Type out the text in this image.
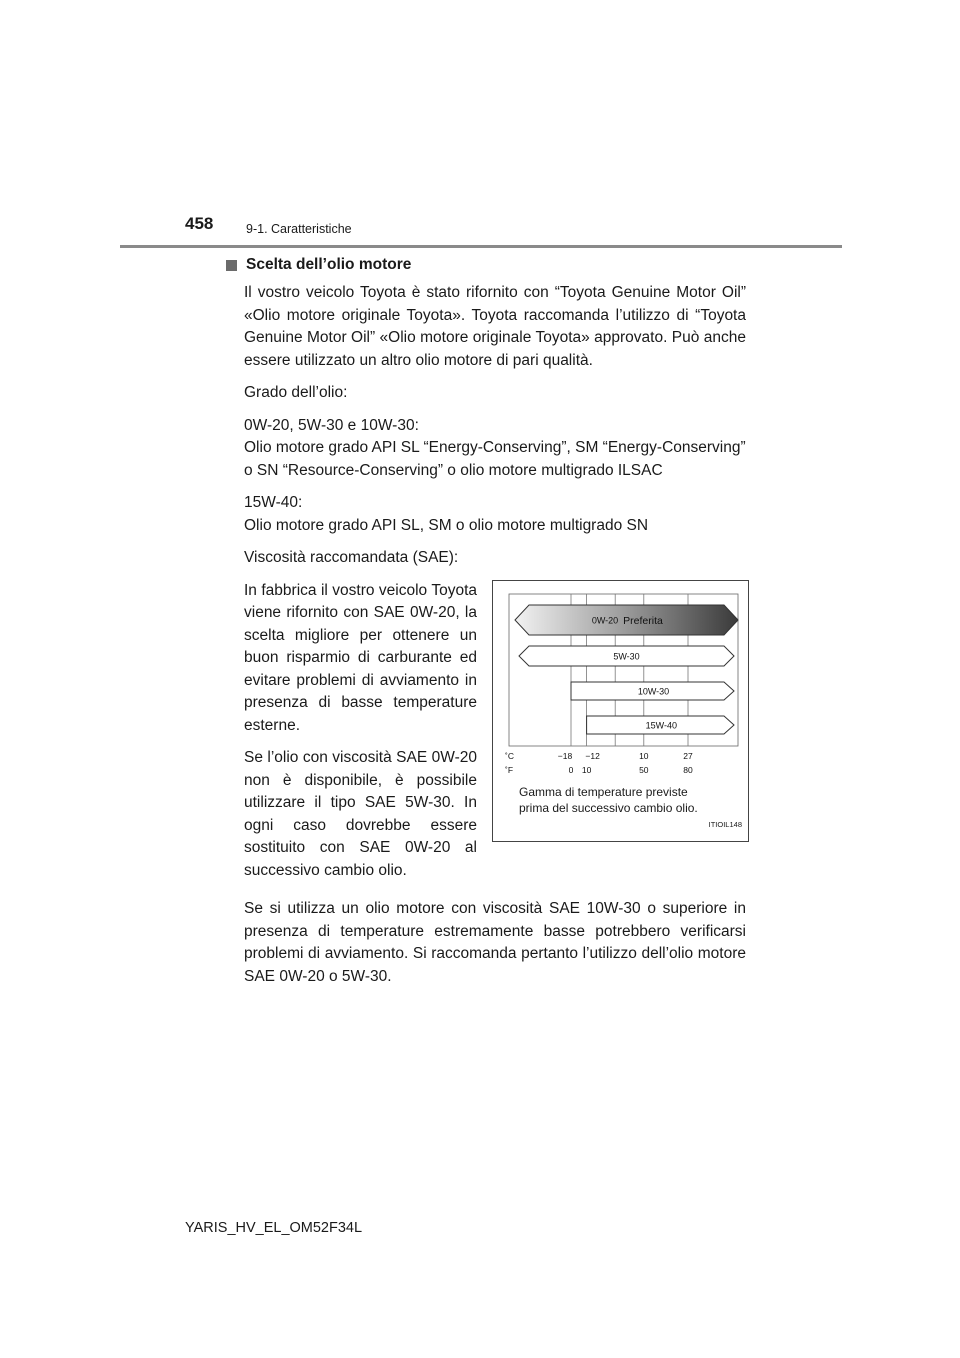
458	9-1. Caratteristiche
Scelta dell’olio motore

Il vostro veicolo Toyota è stato rifornito con “Toyota Genuine Motor Oil” «Olio motore originale Toyota». Toyota raccomanda l’utilizzo di “Toyota Genuine Motor Oil” «Olio motore originale Toyota» approvato. Può anche essere utilizzato un altro olio motore di pari qualità.

Grado dell’olio:

0W-20, 5W-30 e 10W-30:
Olio motore grado API SL “Energy-Conserving”, SM “Energy-Conserving” o SN “Resource-Conserving” o olio motore multigrado ILSAC

15W-40:
Olio motore grado API SL, SM o olio motore multigrado SN

Viscosità raccomandata (SAE):

In fabbrica il vostro veicolo Toyota viene rifornito con SAE 0W-20, la scelta migliore per ottenere un buon risparmio di carburante ed evitare problemi di avviamento in presenza di basse temperature esterne.

Se l’olio con viscosità SAE 0W-20 non è disponibile, è possibile utilizzare il tipo SAE 5W-30. In ogni caso dovrebbe essere sostituito con SAE 0W-20 al successivo cambio olio.

0W-20 Preferita
5W-30
10W-30
15W-40
˚C
˚F
−18 −12	10	27
0 10	50	80
Gamma di temperature previste
prima del successivo cambio olio.
ITIOIL148

Se si utilizza un olio motore con viscosità SAE 10W-30 o superiore in presenza di temperature estremamente basse potrebbero verificarsi problemi di avviamento. Si raccomanda pertanto l’utilizzo dell’olio motore SAE 0W-20 o 5W-30.

YARIS_HV_EL_OM52F34L
